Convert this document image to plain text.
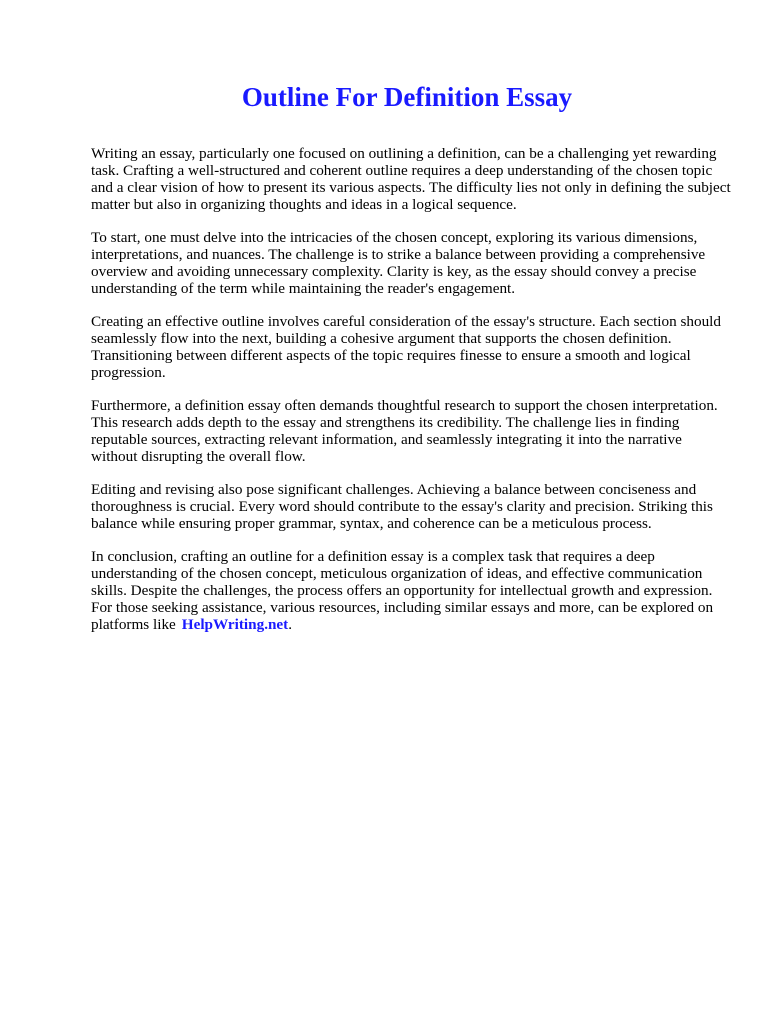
Outline For Definition Essay

Writing an essay, particularly one focused on outlining a definition, can be a challenging yet rewarding task. Crafting a well-structured and coherent outline requires a deep understanding of the chosen topic and a clear vision of how to present its various aspects. The difficulty lies not only in defining the subject matter but also in organizing thoughts and ideas in a logical sequence.

To start, one must delve into the intricacies of the chosen concept, exploring its various dimensions, interpretations, and nuances. The challenge is to strike a balance between providing a comprehensive overview and avoiding unnecessary complexity. Clarity is key, as the essay should convey a precise understanding of the term while maintaining the reader's engagement.

Creating an effective outline involves careful consideration of the essay's structure. Each section should seamlessly flow into the next, building a cohesive argument that supports the chosen definition. Transitioning between different aspects of the topic requires finesse to ensure a smooth and logical progression.

Furthermore, a definition essay often demands thoughtful research to support the chosen interpretation. This research adds depth to the essay and strengthens its credibility. The challenge lies in finding reputable sources, extracting relevant information, and seamlessly integrating it into the narrative without disrupting the overall flow.

Editing and revising also pose significant challenges. Achieving a balance between conciseness and thoroughness is crucial. Every word should contribute to the essay's clarity and precision. Striking this balance while ensuring proper grammar, syntax, and coherence can be a meticulous process.

In conclusion, crafting an outline for a definition essay is a complex task that requires a deep understanding of the chosen concept, meticulous organization of ideas, and effective communication skills. Despite the challenges, the process offers an opportunity for intellectual growth and expression. For those seeking assistance, various resources, including similar essays and more, can be explored on platforms like HelpWriting.net.
